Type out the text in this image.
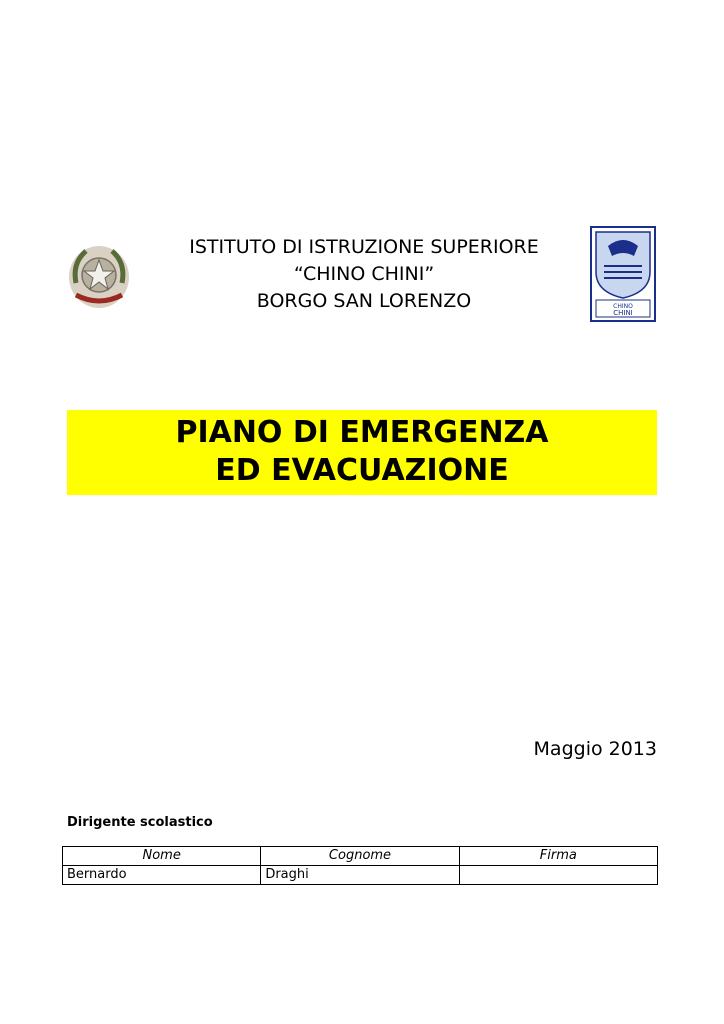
ISTITUTO DI ISTRUZIONE SUPERIORE
“CHINO CHINI”
BORGO SAN LORENZO	CHINO
CHINI
PIANO DI EMERGENZA
ED EVACUAZIONE
Maggio 2013
Dirigente scolastico
Nome	Cognome	Firma
Bernardo	Draghi	
